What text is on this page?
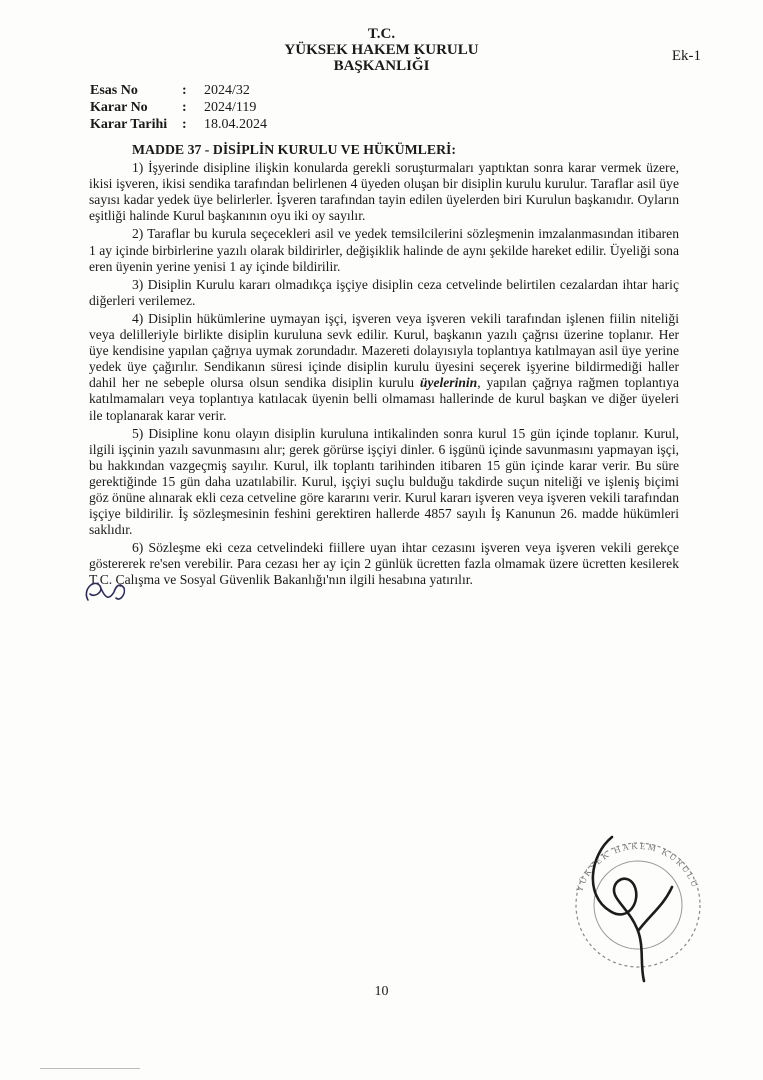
T.C.
YÜKSEK HAKEM KURULU
BAŞKANLIĞI
Ek-1
Esas No	:	2024/32
Karar No	:	2024/119
Karar Tarihi	:	18.04.2024
MADDE 37 - DİSİPLİN KURULU VE HÜKÜMLERİ:

1) İşyerinde disipline ilişkin konularda gerekli soruşturmaları yaptıktan sonra karar vermek üzere, ikisi işveren, ikisi sendika tarafından belirlenen 4 üyeden oluşan bir disiplin kurulu kurulur. Taraflar asil üye sayısı kadar yedek üye belirlerler. İşveren tarafından tayin edilen üyelerden biri Kurulun başkanıdır. Oyların eşitliği halinde Kurul başkanının oyu iki oy sayılır.

2) Taraflar bu kurula seçecekleri asil ve yedek temsilcilerini sözleşmenin imzalanmasından itibaren 1 ay içinde birbirlerine yazılı olarak bildirirler, değişiklik halinde de aynı şekilde hareket edilir. Üyeliği sona eren üyenin yerine yenisi 1 ay içinde bildirilir.

3) Disiplin Kurulu kararı olmadıkça işçiye disiplin ceza cetvelinde belirtilen cezalardan ihtar hariç diğerleri verilemez.

4) Disiplin hükümlerine uymayan işçi, işveren veya işveren vekili tarafından işlenen fiilin niteliği veya delilleriyle birlikte disiplin kuruluna sevk edilir. Kurul, başkanın yazılı çağrısı üzerine toplanır. Her üye kendisine yapılan çağrıya uymak zorundadır. Mazereti dolayısıyla toplantıya katılmayan asil üye yerine yedek üye çağırılır. Sendikanın süresi içinde disiplin kurulu üyesini seçerek işyerine bildirmediği haller dahil her ne sebeple olursa olsun sendika disiplin kurulu üyelerinin, yapılan çağrıya rağmen toplantıya katılmamaları veya toplantıya katılacak üyenin belli olmaması hallerinde de kurul başkan ve diğer üyeleri ile toplanarak karar verir.

5) Disipline konu olayın disiplin kuruluna intikalinden sonra kurul 15 gün içinde toplanır. Kurul, ilgili işçinin yazılı savunmasını alır; gerek görürse işçiyi dinler. 6 işgünü içinde savunmasını yapmayan işçi, bu hakkından vazgeçmiş sayılır. Kurul, ilk toplantı tarihinden itibaren 15 gün içinde karar verir. Bu süre gerektiğinde 15 gün daha uzatılabilir. Kurul, işçiyi suçlu bulduğu takdirde suçun niteliği ve işleniş biçimi göz önüne alınarak ekli ceza cetveline göre kararını verir. Kurul kararı işveren veya işveren vekili tarafından işçiye bildirilir. İş sözleşmesinin feshini gerektiren hallerde 4857 sayılı İş Kanunun 26. madde hükümleri saklıdır.

6) Sözleşme eki ceza cetvelindeki fiillere uyan ihtar cezasını işveren veya işveren vekili gerekçe göstererek re'sen verebilir. Para cezası her ay için 2 günlük ücretten fazla olmamak üzere ücretten kesilerek T.C. Çalışma ve Sosyal Güvenlik Bakanlığı'nın ilgili hesabına yatırılır.

YÜKSEK HAKEM KURULU
10
